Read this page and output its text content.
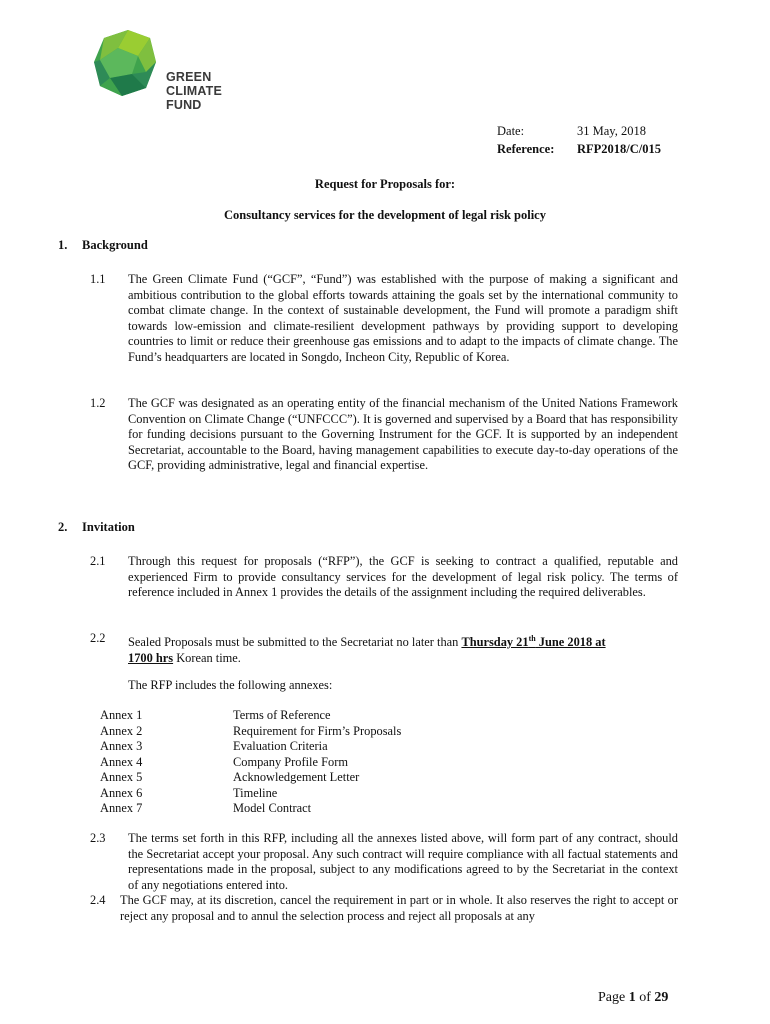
GREEN
CLIMATE
FUND
Date:	31 May, 2018
Reference:	RFP2018/C/015
Request for Proposals for:
Consultancy services for the development of legal risk policy
1. Background
1.1	The Green Climate Fund (“GCF”, “Fund”) was established with the purpose of making a significant and ambitious contribution to the global efforts towards attaining the goals set by the international community to combat climate change. In the context of sustainable development, the Fund will promote a paradigm shift towards low-emission and climate-resilient development pathways by providing support to developing countries to limit or reduce their greenhouse gas emissions and to adapt to the impacts of climate change. The Fund’s headquarters are located in Songdo, Incheon City, Republic of Korea.
1.2	The GCF was designated as an operating entity of the financial mechanism of the United Nations Framework Convention on Climate Change (“UNFCCC”). It is governed and supervised by a Board that has responsibility for funding decisions pursuant to the Governing Instrument for the GCF. It is supported by an independent Secretariat, accountable to the Board, having management capabilities to execute day-to-day operations of the GCF, providing administrative, legal and financial expertise.
2. Invitation
2.1	Through this request for proposals (“RFP”), the GCF is seeking to contract a qualified, reputable and experienced Firm to provide consultancy services for the development of legal risk policy. The terms of reference included in Annex 1 provides the details of the assignment including the required deliverables.
2.2	Sealed Proposals must be submitted to the Secretariat no later than Thursday 21th June 2018 at
1700 hrs Korean time.
The RFP includes the following annexes:
Annex 1	Terms of Reference
Annex 2	Requirement for Firm’s Proposals
Annex 3	Evaluation Criteria
Annex 4	Company Profile Form
Annex 5	Acknowledgement Letter
Annex 6	Timeline
Annex 7	Model Contract
2.3	The terms set forth in this RFP, including all the annexes listed above, will form part of any contract, should the Secretariat accept your proposal. Any such contract will require compliance with all factual statements and representations made in the proposal, subject to any modifications agreed to by the Secretariat in the context of any negotiations entered into.
2.4	The GCF may, at its discretion, cancel the requirement in part or in whole. It also reserves the right to accept or reject any proposal and to annul the selection process and reject all proposals at any
Page 1 of 29
